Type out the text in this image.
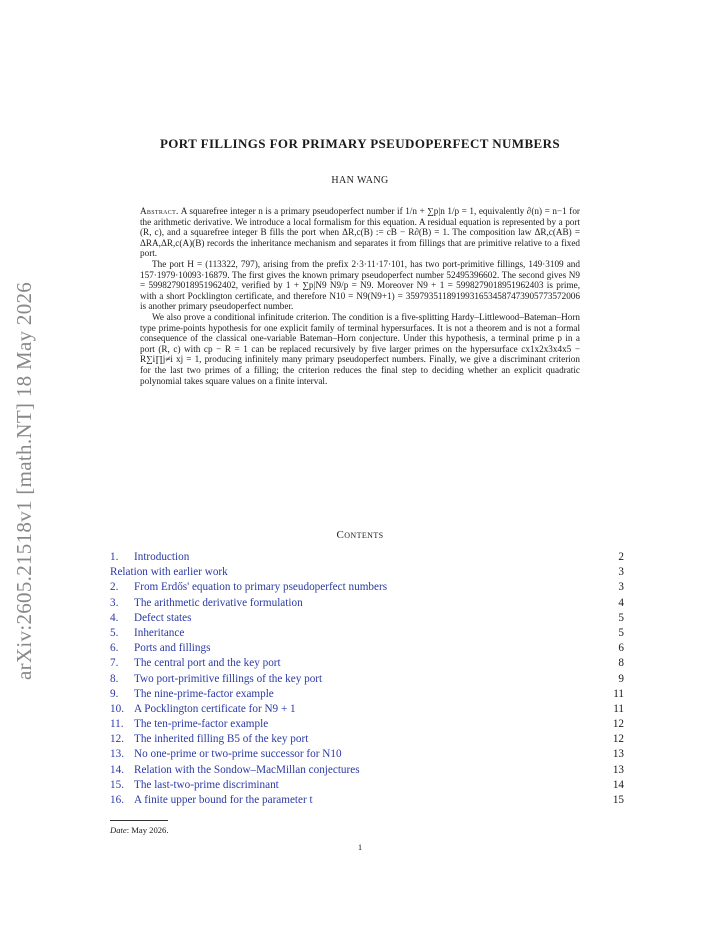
arXiv:2605.21518v1 [math.NT] 18 May 2026
PORT FILLINGS FOR PRIMARY PSEUDOPERFECT NUMBERS
HAN WANG

Abstract. A squarefree integer n is a primary pseudoperfect number if 1/n + ∑p|n 1/p = 1, equivalently ∂(n) = n−1 for the arithmetic derivative. We introduce a local formalism for this equation. A residual equation is represented by a port (R, c), and a squarefree integer B fills the port when ΔR,c(B) := cB − R∂(B) = 1. The composition law ΔR,c(AB) = ΔRA,ΔR,c(A)(B) records the inheritance mechanism and separates it from fillings that are primitive relative to a fixed port.

The port H = (113322, 797), arising from the prefix 2·3·11·17·101, has two port-primitive fillings, 149·3109 and 157·1979·10093·16879. The first gives the known primary pseudoperfect number 52495396602. The second gives N9 = 5998279018951962402, verified by 1 + ∑p|N9 N9/p = N9. Moreover N9 + 1 = 5998279018951962403 is prime, with a short Pocklington certificate, and therefore N10 = N9(N9+1) = 35979351189199316534587473905773572006 is another primary pseudoperfect number.

We also prove a conditional infinitude criterion. The condition is a five-splitting Hardy–Littlewood–Bateman–Horn type prime-points hypothesis for one explicit family of terminal hypersurfaces. It is not a theorem and is not a formal consequence of the classical one-variable Bateman–Horn conjecture. Under this hypothesis, a terminal prime p in a port (R, c) with cp − R = 1 can be replaced recursively by five larger primes on the hypersurface cx1x2x3x4x5 − R∑i∏j≠i xj = 1, producing infinitely many primary pseudoperfect numbers. Finally, we give a discriminant criterion for the last two primes of a filling; the criterion reduces the final step to deciding whether an explicit quadratic polynomial takes square values on a finite interval.

Contents
1. Introduction	2
Relation with earlier work	3
2. From Erdős' equation to primary pseudoperfect numbers	3
3. The arithmetic derivative formulation	4
4. Defect states	5
5. Inheritance	5
6. Ports and fillings	6
7. The central port and the key port	8
8. Two port-primitive fillings of the key port	9
9. The nine-prime-factor example	11
10. A Pocklington certificate for N9 + 1	11
11. The ten-prime-factor example	12
12. The inherited filling B5 of the key port	12
13. No one-prime or two-prime successor for N10	13
14. Relation with the Sondow–MacMillan conjectures	13
15. The last-two-prime discriminant	14
16. A finite upper bound for the parameter t	15
Date: May 2026.
1
